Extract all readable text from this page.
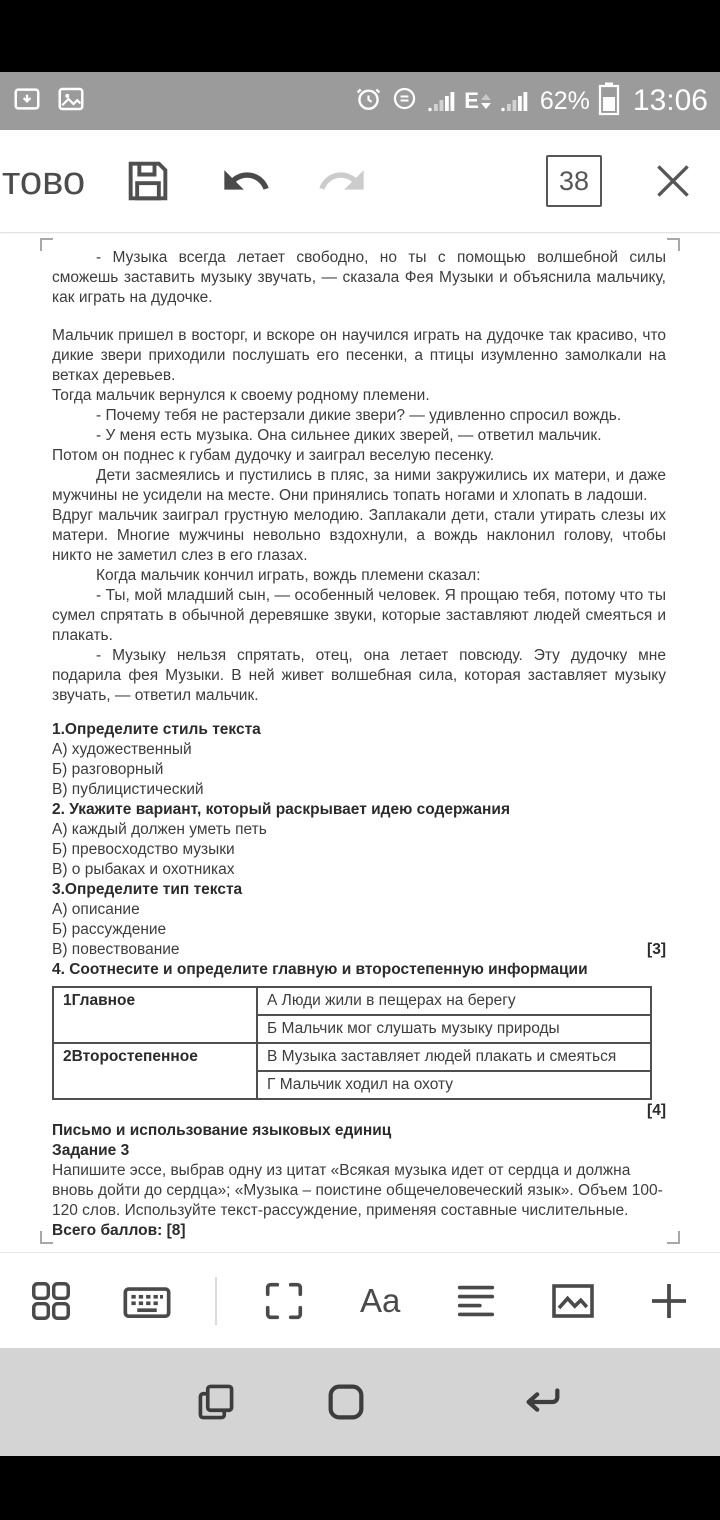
E 62% 13:06
тово	38

- Музыка всегда летает свободно, но ты с помощью волшебной силы сможешь заставить музыку звучать, — сказала Фея Музыки и объяснила мальчику, как играть на дудочке.

Мальчик пришел в восторг, и вскоре он научился играть на дудочке так красиво, что дикие звери приходили послушать его песенки, а птицы изумленно замолкали на ветках деревьев.

Тогда мальчик вернулся к своему родному племени.

- Почему тебя не растерзали дикие звери? — удивленно спросил вождь.

- У меня есть музыка. Она сильнее диких зверей, — ответил мальчик.

Потом он поднес к губам дудочку и заиграл веселую песенку.

Дети засмеялись и пустились в пляс, за ними закружились их матери, и даже мужчины не усидели на месте. Они принялись топать ногами и хлопать в ладоши.

Вдруг мальчик заиграл грустную мелодию. Заплакали дети, стали утирать слезы их матери. Многие мужчины невольно вздохнули, а вождь наклонил голову, чтобы никто не заметил слез в его глазах.

Когда мальчик кончил играть, вождь племени сказал:

- Ты, мой младший сын, — особенный человек. Я прощаю тебя, потому что ты сумел спрятать в обычной деревяшке звуки, которые заставляют людей смеяться и плакать.

- Музыку нельзя спрятать, отец, она летает повсюду. Эту дудочку мне подарила фея Музыки. В ней живет волшебная сила, которая заставляет музыку звучать, — ответил мальчик.

1.Определите стиль текста
А) художественный
Б) разговорный
В) публицистический
2. Укажите вариант, который раскрывает идею содержания
А) каждый должен уметь петь
Б) превосходство музыки
В) о рыбаках и охотниках
3.Определите тип текста
А) описание
Б) рассуждение
В) повествование	[3]
4. Соотнесите и определите главную и второстепенную информации
1Главное	А Люди жили в пещерах на берегу
	Б Мальчик мог слушать музыку природы
2Второстепенное	В Музыка заставляет людей плакать и смеяться
	Г Мальчик ходил на охоту
[4]
Письмо и использование языковых единиц
Задание 3
Напишите эссе, выбрав одну из цитат «Всякая музыка идет от сердца и должна вновь дойти до сердца»; «Музыка – поистине общечеловеческий язык». Объем 100-120 слов. Используйте текст-рассуждение, применяя составные числительные.
Всего баллов: [8]
Aa
